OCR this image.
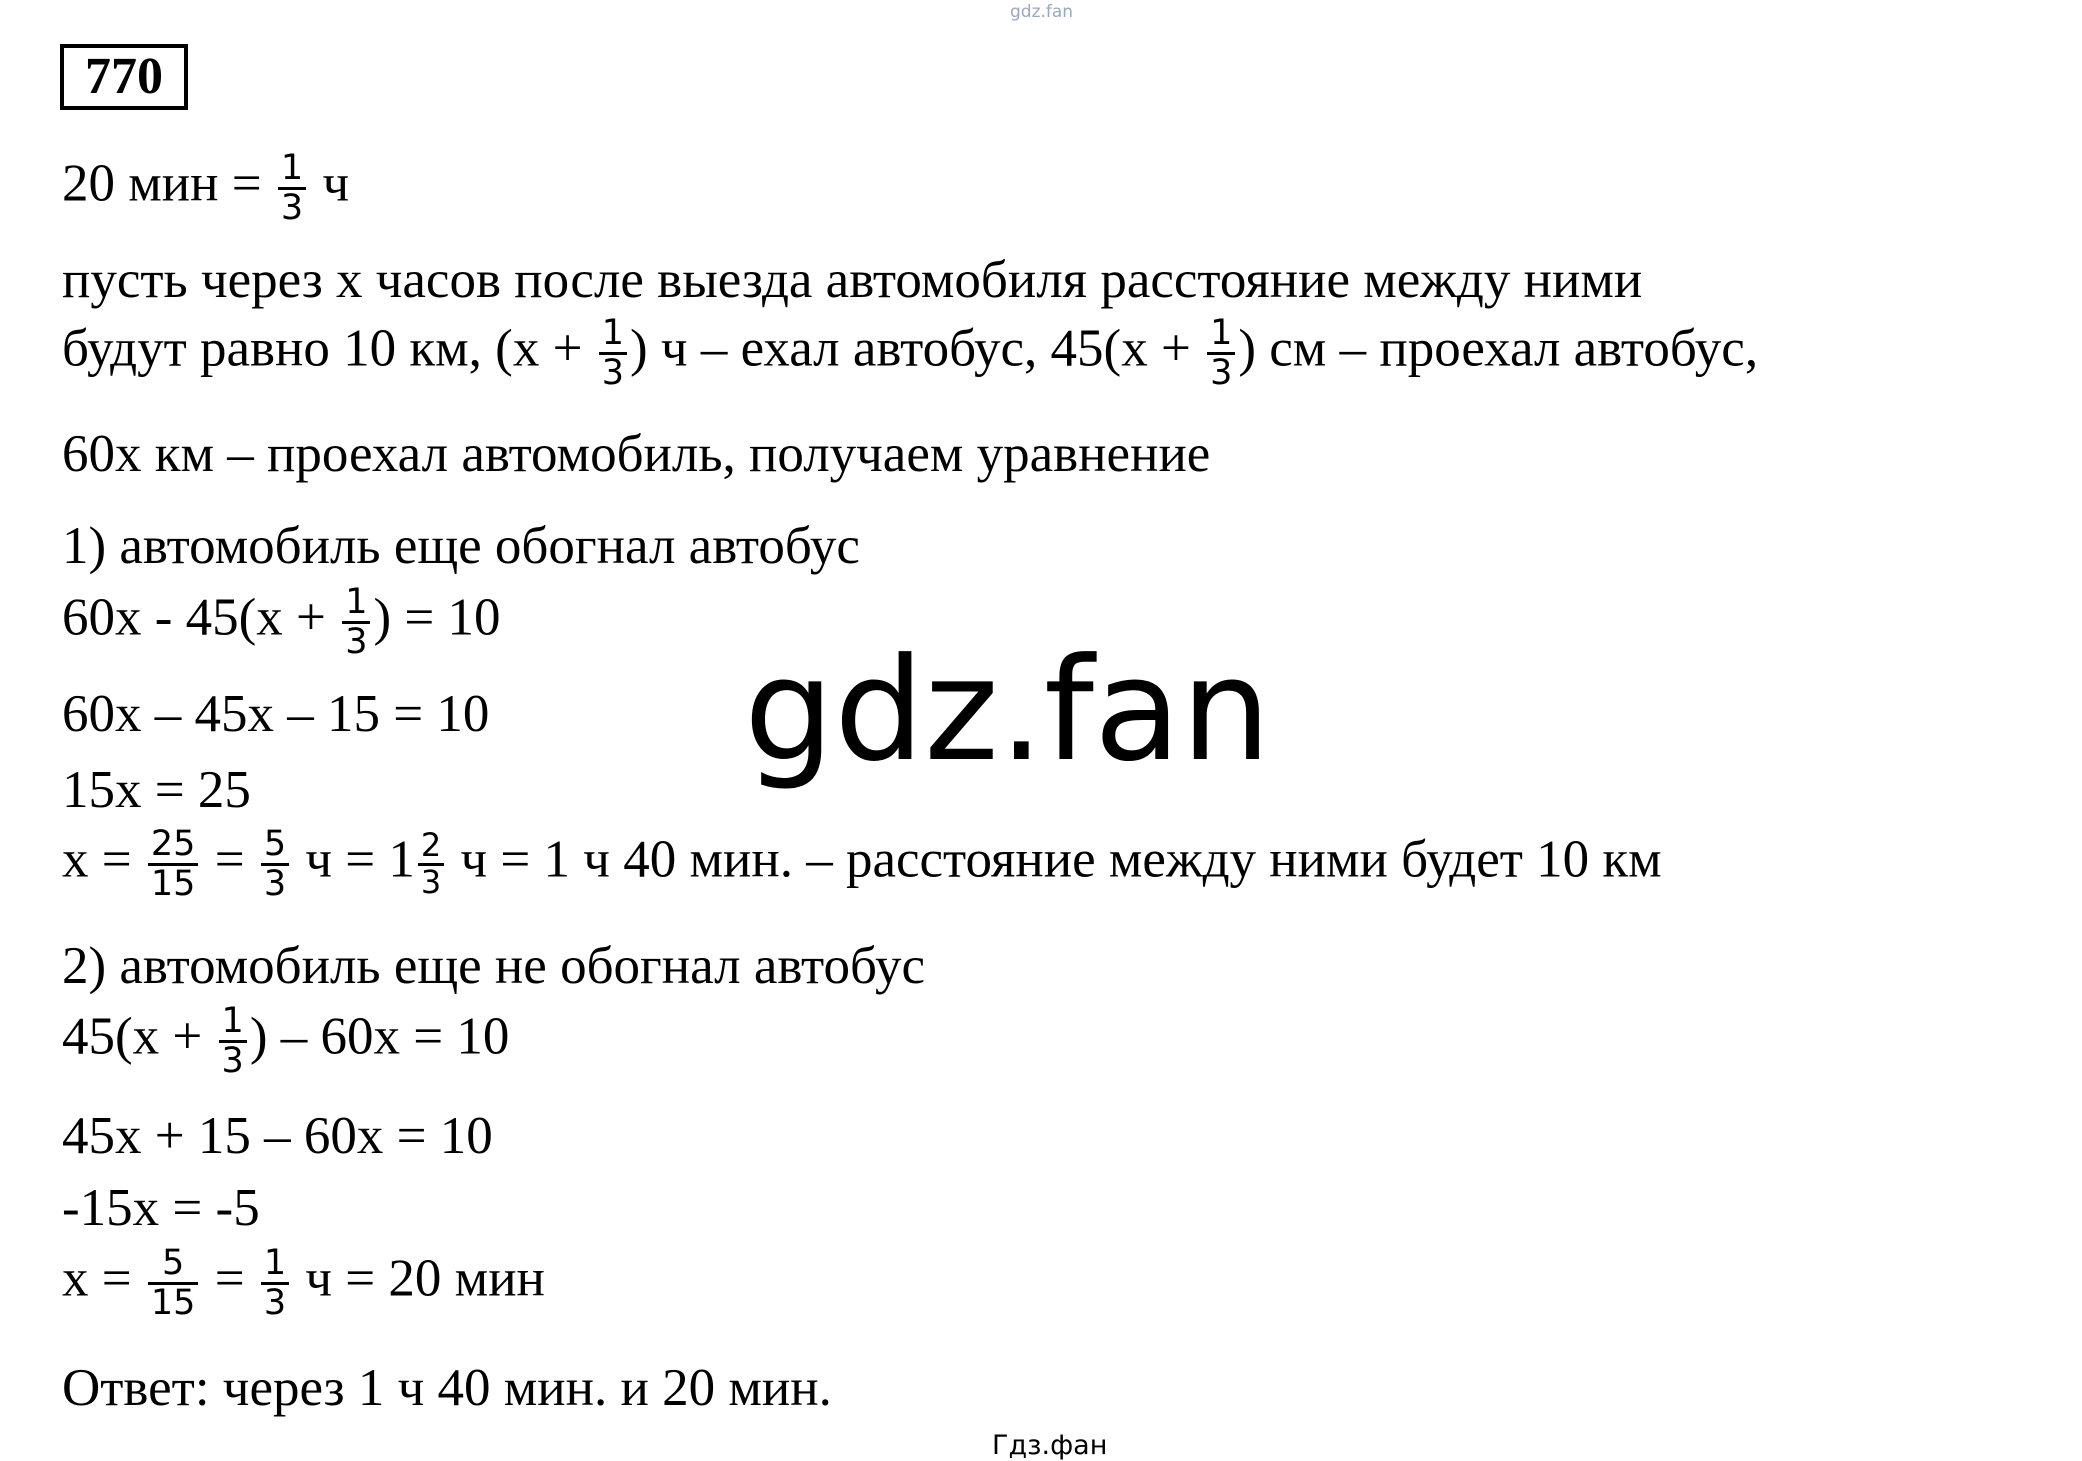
gdz.fan
770
20 мин = $\frac{1}{3}$ ч
пусть через х часов после выезда автомобиля расстояние между ними
будут равно 10 км, ($х + \frac{1}{3}$ ) ч – ехал автобус, $45(х + \frac{1}{3}$ ) см – проехал автобус,
60х км – проехал автомобиль, получаем уравнение
1) автомобиль еще обогнал автобус
$60х - 45(х + \frac{1}{3}$ ) = 10
60х – 45х – 15 = 10
15х = 25
$х = \frac{25}{15} = \frac{5}{3}$ $ч = 1 \frac{2}{3}$ ч = 1 ч 40 мин. – расстояние между ними будет 10 км
2) автомобиль еще не обогнал автобус
$45(х + \frac{1}{3}$ ) – 60х = 10
45х + 15 – 60х = 10
-15х = -5
$х = \frac{5}{15} = \frac{1}{3}$ ч = 20 мин
Ответ: через 1 ч 40 мин. и 20 мин.
gdz.fan
Гдз.фан
